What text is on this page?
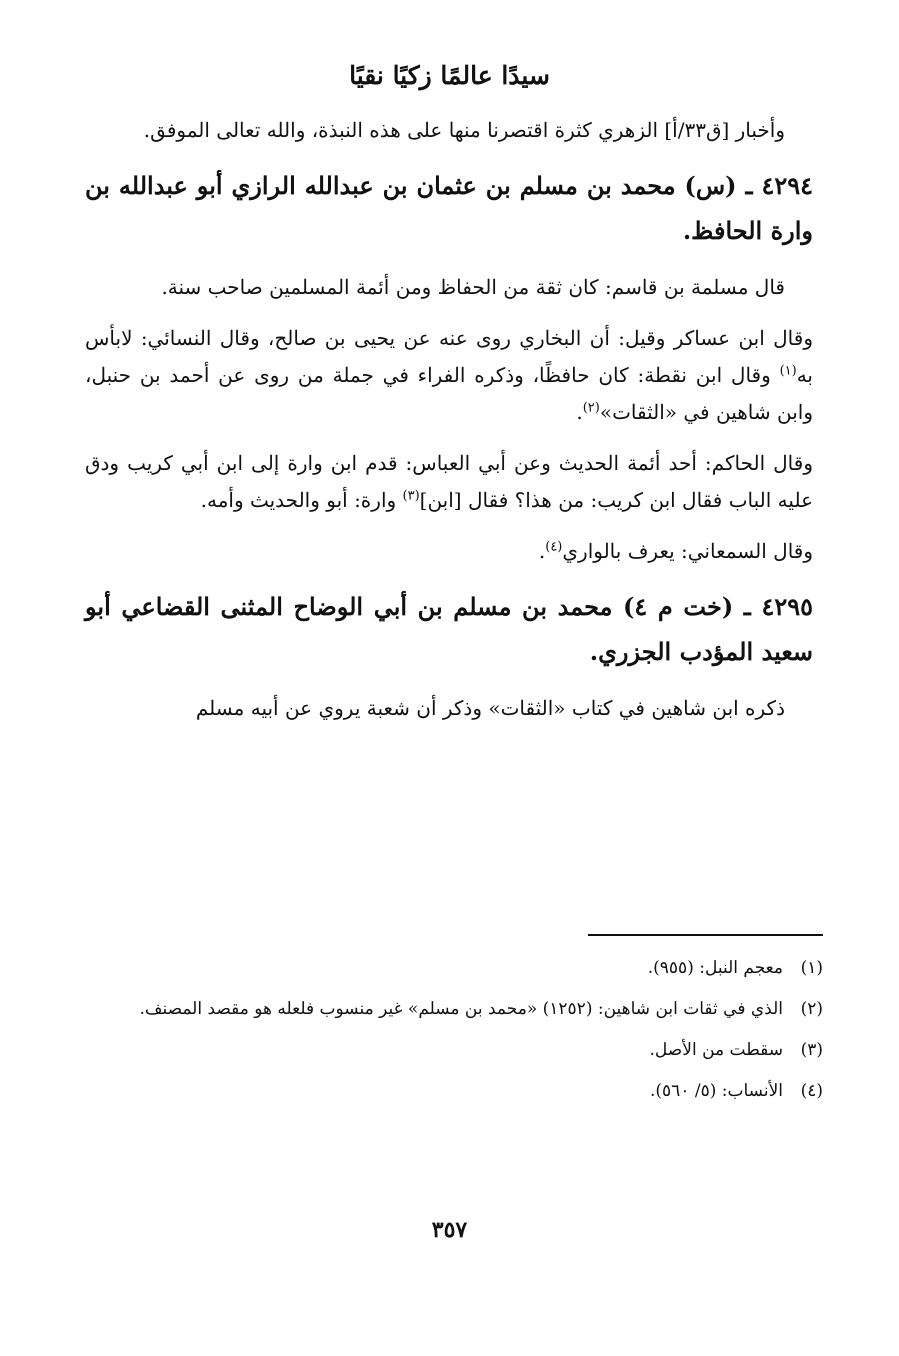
سيدًا عالمًا زكيًا نقيًا

وأخبار [ق٣٣/أ] الزهري كثرة اقتصرنا منها على هذه النبذة، والله تعالى الموفق.

٤٢٩٤ ـ (س) محمد بن مسلم بن عثمان بن عبدالله الرازي أبو عبدالله بن وارة الحافظ.

قال مسلمة بن قاسم: كان ثقة من الحفاظ ومن أئمة المسلمين صاحب سنة.

وقال ابن عساكر وقيل: أن البخاري روى عنه عن يحيى بن صالح، وقال النسائي: لابأس به$^{(١)}$ وقال ابن نقطة: كان حافظًا، وذكره الفراء في جملة من روى عن أحمد بن حنبل، وابن شاهين في «الثقات»$^{(٢)}$.

وقال الحاكم: أحد أئمة الحديث وعن أبي العباس: قدم ابن وارة إلى ابن أبي كريب ودق عليه الباب فقال ابن كريب: من هذا؟ فقال [ابن]$^{(٣)}$ وارة: أبو والحديث وأمه.

وقال السمعاني: يعرف بالواري$^{(٤)}$.

٤٢٩٥ ـ (خت م ٤) محمد بن مسلم بن أبي الوضاح المثنى القضاعي أبو سعيد المؤدب الجزري.

ذكره ابن شاهين في كتاب «الثقات» وذكر أن شعبة يروي عن أبيه مسلم

(١)
معجم النبل: (٩٥٥).
(٢)
الذي في ثقات ابن شاهين: (١٢٥٢) «محمد بن مسلم» غير منسوب فلعله هو مقصد المصنف.
(٣)
سقطت من الأصل.
(٤)
الأنساب: (٥/ ٥٦٠).
٣٥٧
